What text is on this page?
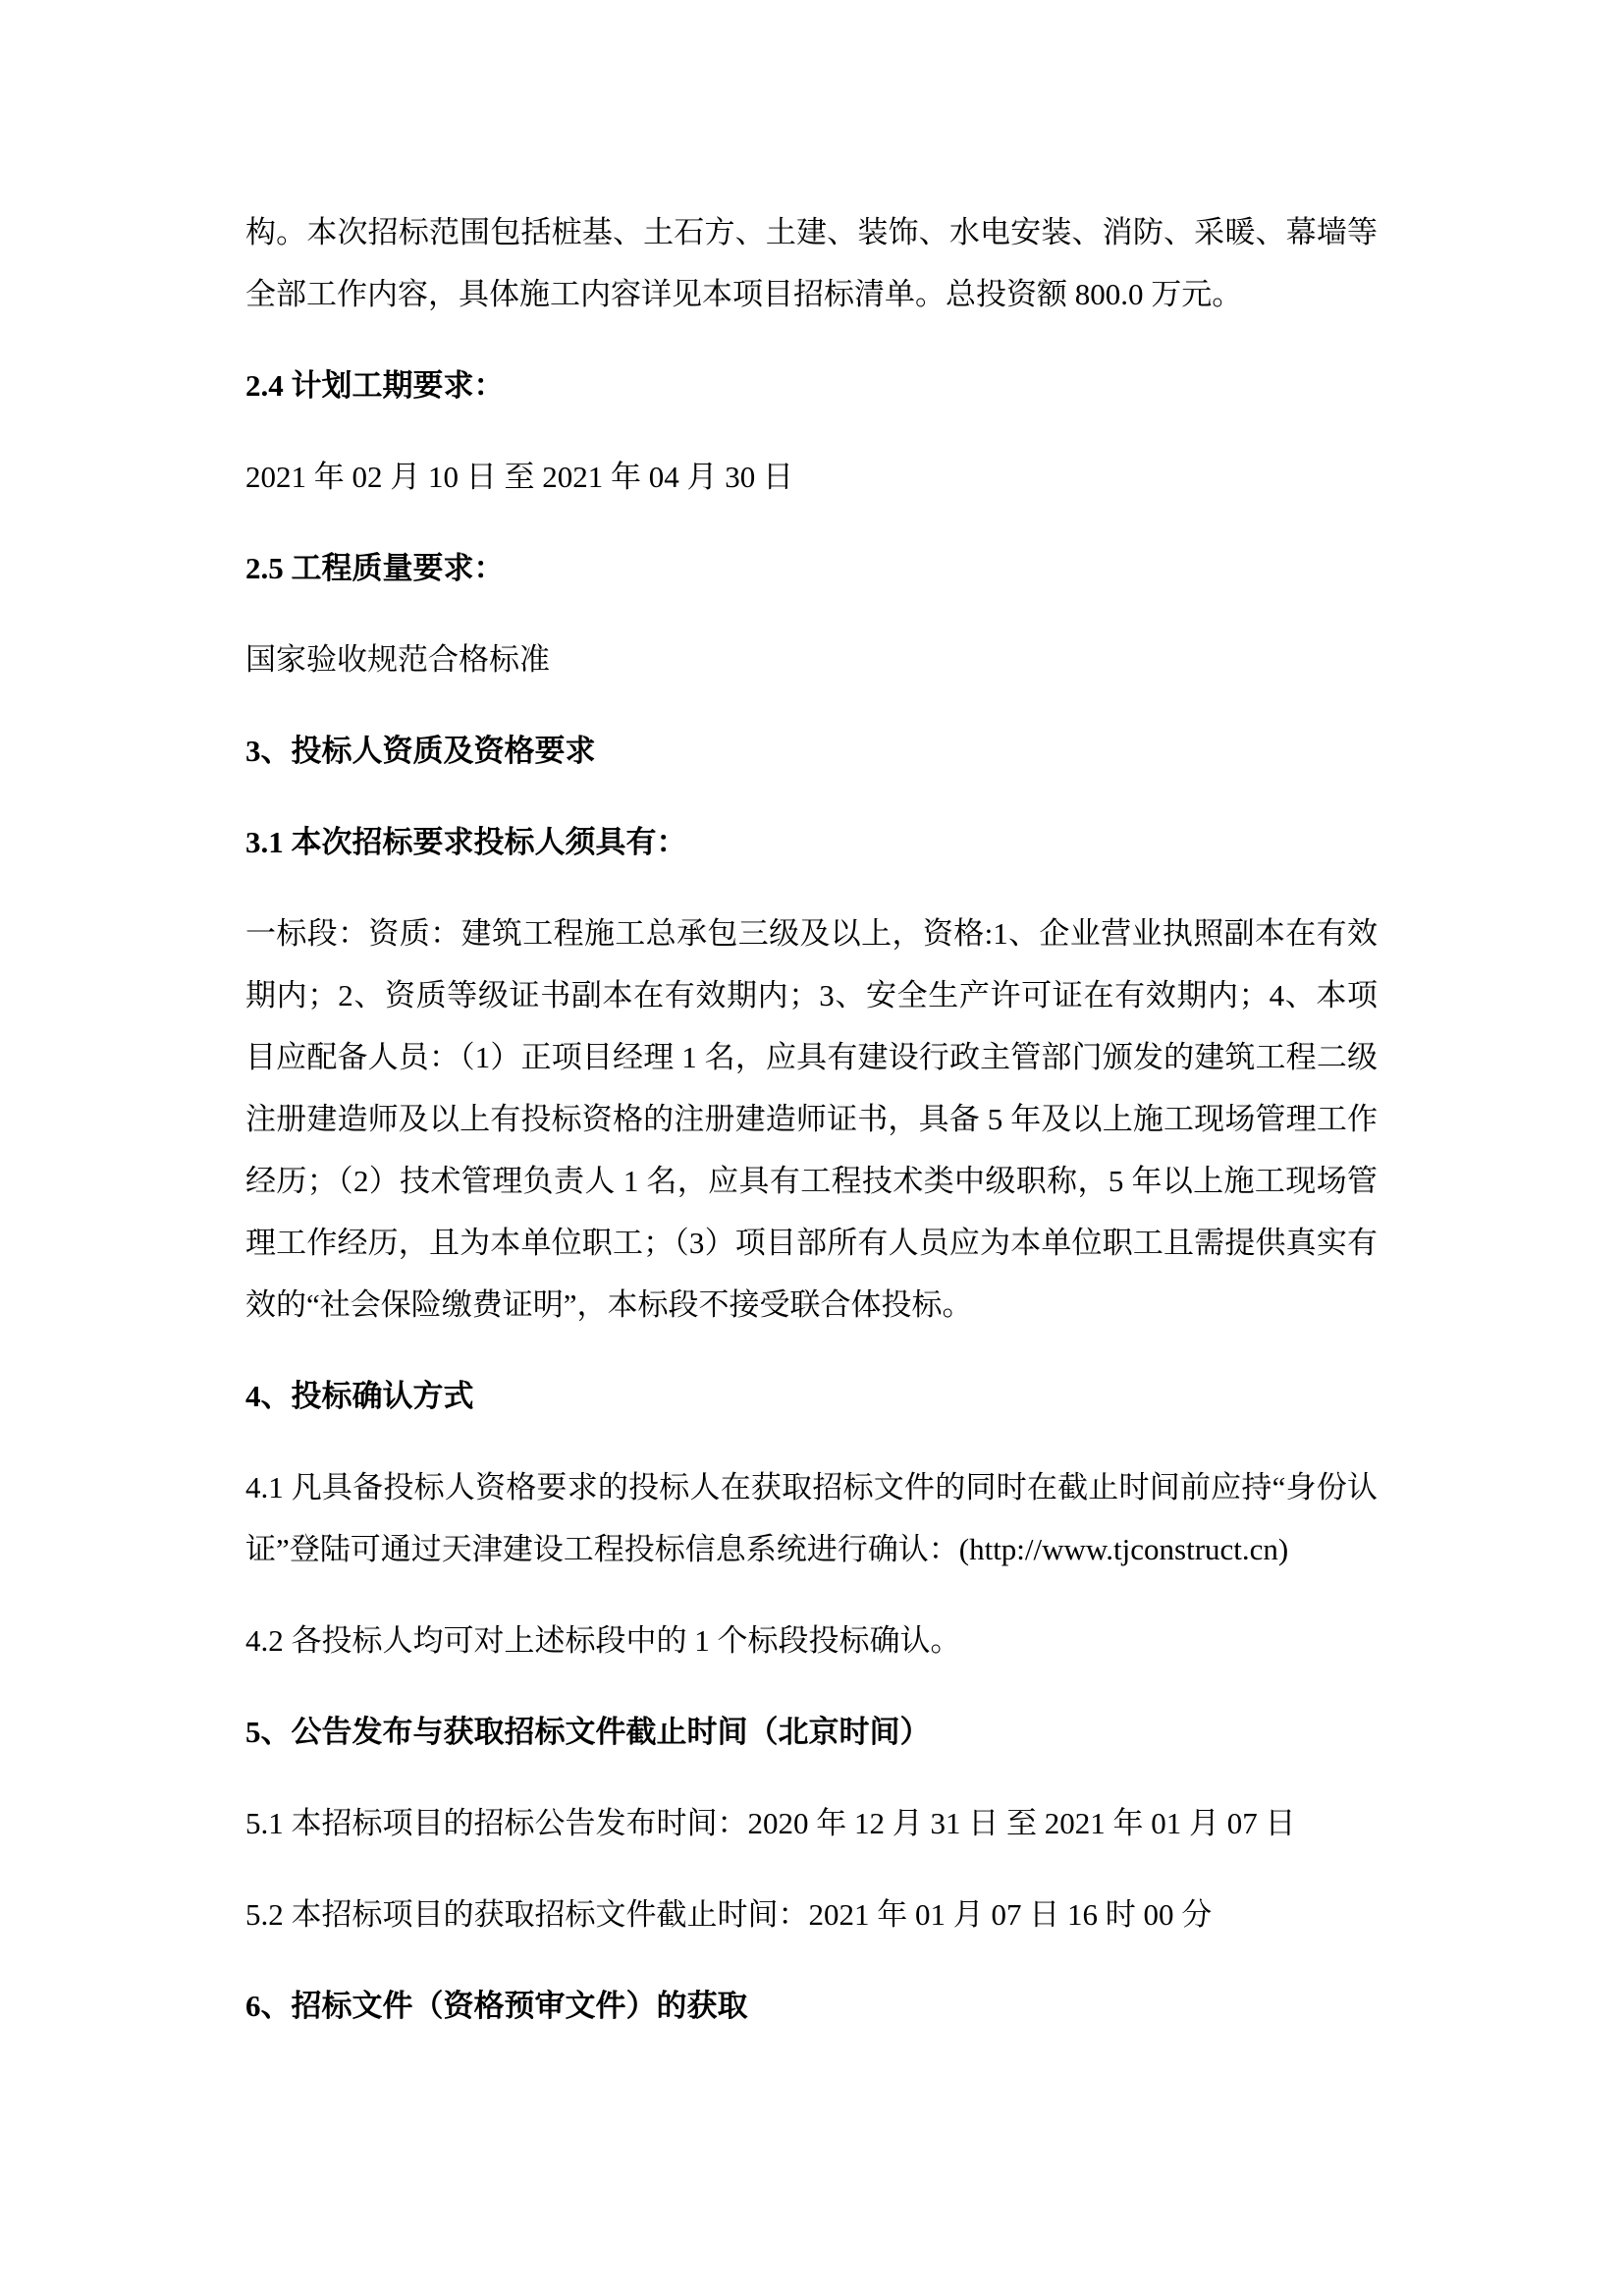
构。本次招标范围包括桩基、土石方、土建、装饰、水电安装、消防、采暖、幕墙等全部工作内容，具体施工内容详见本项目招标清单。总投资额 800.0 万元。

2.4 计划工期要求：

2021 年 02 月 10 日 至 2021 年 04 月 30 日

2.5 工程质量要求：

国家验收规范合格标准

3、投标人资质及资格要求

3.1 本次招标要求投标人须具有：

一标段：资质：建筑工程施工总承包三级及以上，资格:1、企业营业执照副本在有效期内；2、资质等级证书副本在有效期内；3、安全生产许可证在有效期内；4、本项目应配备人员：（1）正项目经理 1 名，应具有建设行政主管部门颁发的建筑工程二级注册建造师及以上有投标资格的注册建造师证书，具备 5 年及以上施工现场管理工作经历；（2）技术管理负责人 1 名，应具有工程技术类中级职称，5 年以上施工现场管理工作经历，且为本单位职工；（3）项目部所有人员应为本单位职工且需提供真实有效的“社会保险缴费证明”，本标段不接受联合体投标。

4、投标确认方式

4.1 凡具备投标人资格要求的投标人在获取招标文件的同时在截止时间前应持“身份认证”登陆可通过天津建设工程投标信息系统进行确认：(http://www.tjconstruct.cn)

4.2 各投标人均可对上述标段中的 1 个标段投标确认。

5、公告发布与获取招标文件截止时间（北京时间）

5.1 本招标项目的招标公告发布时间：2020 年 12 月 31 日 至 2021 年 01 月 07 日

5.2 本招标项目的获取招标文件截止时间：2021 年 01 月 07 日 16 时 00 分

6、招标文件（资格预审文件）的获取
